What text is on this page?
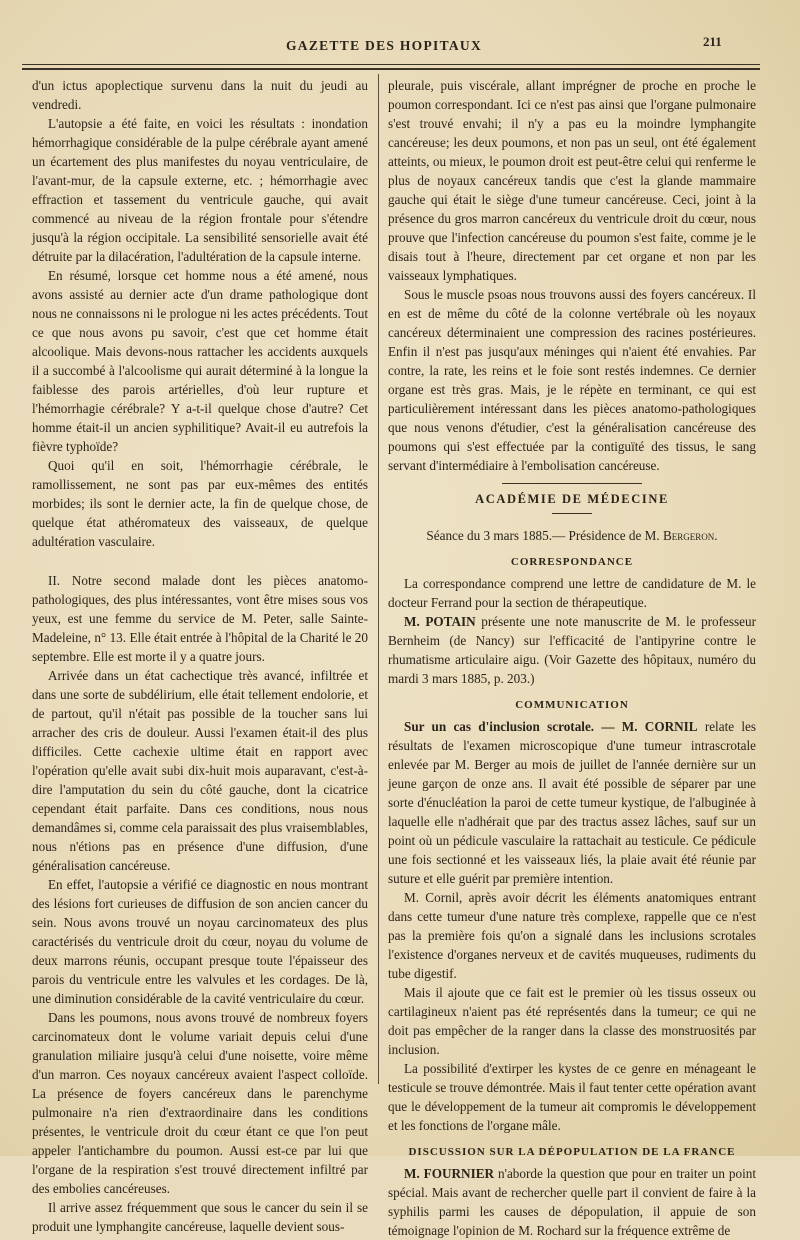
GAZETTE DES HOPITAUX	211

d'un ictus apoplectique survenu dans la nuit du jeudi au vendredi.

L'autopsie a été faite, en voici les résultats : inondation hémorrhagique considérable de la pulpe cérébrale ayant amené un écartement des plus manifestes du noyau ventriculaire, de l'avant-mur, de la capsule externe, etc. ; hémorrhagie avec effraction et tassement du ventricule gauche, qui avait commencé au niveau de la région frontale pour s'étendre jusqu'à la région occipitale. La sensibilité sensorielle avait été détruite par la dilacération, l'adultération de la capsule interne.

En résumé, lorsque cet homme nous a été amené, nous avons assisté au dernier acte d'un drame pathologique dont nous ne connaissons ni le prologue ni les actes précédents. Tout ce que nous avons pu savoir, c'est que cet homme était alcoolique. Mais devons-nous rattacher les accidents auxquels il a succombé à l'alcoolisme qui aurait déterminé à la longue la faiblesse des parois artérielles, d'où leur rupture et l'hémorrhagie cérébrale? Y a-t-il quelque chose d'autre? Cet homme était-il un ancien syphilitique? Avait-il eu autrefois la fièvre typhoïde?

Quoi qu'il en soit, l'hémorrhagie cérébrale, le ramollissement, ne sont pas par eux-mêmes des entités morbides; ils sont le dernier acte, la fin de quelque chose, de quelque état athéromateux des vaisseaux, de quelque adultération vasculaire.

II. Notre second malade dont les pièces anatomo-pathologiques, des plus intéressantes, vont être mises sous vos yeux, est une femme du service de M. Peter, salle Sainte-Madeleine, n° 13. Elle était entrée à l'hôpital de la Charité le 20 septembre. Elle est morte il y a quatre jours.

Arrivée dans un état cachectique très avancé, infiltrée et dans une sorte de subdélirium, elle était tellement endolorie, et de partout, qu'il n'était pas possible de la toucher sans lui arracher des cris de douleur. Aussi l'examen était-il des plus difficiles. Cette cachexie ultime était en rapport avec l'opération qu'elle avait subi dix-huit mois auparavant, c'est-à-dire l'amputation du sein du côté gauche, dont la cicatrice cependant était parfaite. Dans ces conditions, nous nous demandâmes si, comme cela paraissait des plus vraisemblables, nous n'étions pas en présence d'une diffusion, d'une généralisation cancéreuse.

En effet, l'autopsie a vérifié ce diagnostic en nous montrant des lésions fort curieuses de diffusion de son ancien cancer du sein. Nous avons trouvé un noyau carcinomateux des plus caractérisés du ventricule droit du cœur, noyau du volume de deux marrons réunis, occupant presque toute l'épaisseur des parois du ventricule entre les valvules et les cordages. De là, une diminution considérable de la cavité ventriculaire du cœur.

Dans les poumons, nous avons trouvé de nombreux foyers carcinomateux dont le volume variait depuis celui d'une granulation miliaire jusqu'à celui d'une noisette, voire même d'un marron. Ces noyaux cancéreux avaient l'aspect colloïde. La présence de foyers cancéreux dans le parenchyme pulmonaire n'a rien d'extraordinaire dans les conditions présentes, le ventricule droit du cœur étant ce que l'on peut appeler l'antichambre du poumon. Aussi est-ce par lui que l'organe de la respiration s'est trouvé directement infiltré par des embolies cancéreuses.

Il arrive assez fréquemment que sous le cancer du sein il se produit une lymphangite cancéreuse, laquelle devient sous-

pleurale, puis viscérale, allant imprégner de proche en proche le poumon correspondant. Ici ce n'est pas ainsi que l'organe pulmonaire s'est trouvé envahi; il n'y a pas eu la moindre lymphangite cancéreuse; les deux poumons, et non pas un seul, ont été également atteints, ou mieux, le poumon droit est peut-être celui qui renferme le plus de noyaux cancéreux tandis que c'est la glande mammaire gauche qui était le siège d'une tumeur cancéreuse. Ceci, joint à la présence du gros marron cancéreux du ventricule droit du cœur, nous prouve que l'infection cancéreuse du poumon s'est faite, comme je le disais tout à l'heure, directement par cet organe et non par les vaisseaux lymphatiques.

Sous le muscle psoas nous trouvons aussi des foyers cancéreux. Il en est de même du côté de la colonne vertébrale où les noyaux cancéreux déterminaient une compression des racines postérieures. Enfin il n'est pas jusqu'aux méninges qui n'aient été envahies. Par contre, la rate, les reins et le foie sont restés indemnes. Ce dernier organe est très gras. Mais, je le répète en terminant, ce qui est particulièrement intéressant dans les pièces anatomo-pathologiques que nous venons d'étudier, c'est la généralisation cancéreuse des poumons qui s'est effectuée par la contiguïté des tissus, le sang servant d'intermédiaire à l'embolisation cancéreuse.

ACADÉMIE DE MÉDECINE
Séance du 3 mars 1885.— Présidence de M. Bergeron.
CORRESPONDANCE

La correspondance comprend une lettre de candidature de M. le docteur Ferrand pour la section de thérapeutique.

M. POTAIN présente une note manuscrite de M. le professeur Bernheim (de Nancy) sur l'efficacité de l'antipyrine contre le rhumatisme articulaire aigu. (Voir Gazette des hôpitaux, numéro du mardi 3 mars 1885, p. 203.)

COMMUNICATION

Sur un cas d'inclusion scrotale. — M. CORNIL relate les résultats de l'examen microscopique d'une tumeur intrascrotale enlevée par M. Berger au mois de juillet de l'année dernière sur un jeune garçon de onze ans. Il avait été possible de séparer par une sorte d'énucléation la paroi de cette tumeur kystique, de l'albuginée à laquelle elle n'adhérait que par des tractus assez lâches, sauf sur un point où un pédicule vasculaire la rattachait au testicule. Ce pédicule une fois sectionné et les vaisseaux liés, la plaie avait été réunie par suture et elle guérit par première intention.

M. Cornil, après avoir décrit les éléments anatomiques entrant dans cette tumeur d'une nature très complexe, rappelle que ce n'est pas la première fois qu'on a signalé dans les inclusions scrotales l'existence d'organes nerveux et de cavités muqueuses, rudiments du tube digestif.

Mais il ajoute que ce fait est le premier où les tissus osseux ou cartilagineux n'aient pas été représentés dans la tumeur; ce qui ne doit pas empêcher de la ranger dans la classe des monstruosités par inclusion.

La possibilité d'extirper les kystes de ce genre en ménageant le testicule se trouve démontrée. Mais il faut tenter cette opération avant que le développement de la tumeur ait compromis le développement et les fonctions de l'organe mâle.

DISCUSSION SUR LA DÉPOPULATION DE LA FRANCE

M. FOURNIER n'aborde la question que pour en traiter un point spécial. Mais avant de rechercher quelle part il convient de faire à la syphilis parmi les causes de dépopulation, il appuie de son témoignage l'opinion de M. Rochard sur la fréquence extrême de
